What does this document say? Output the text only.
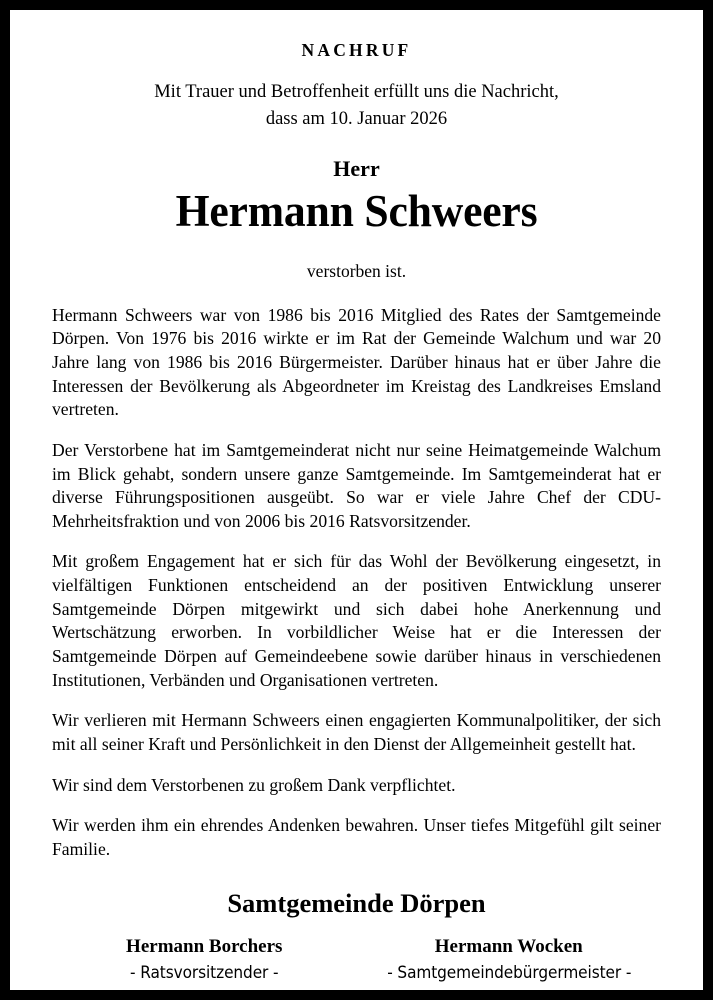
NACHRUF
Mit Trauer und Betroffenheit erfüllt uns die Nachricht,
dass am 10. Januar 2026
Herr
Hermann Schweers
verstorben ist.

Hermann Schweers war von 1986 bis 2016 Mitglied des Rates der Samtgemeinde Dörpen. Von 1976 bis 2016 wirkte er im Rat der Gemeinde Walchum und war 20 Jahre lang von 1986 bis 2016 Bürgermeister. Darüber hinaus hat er über Jahre die Interessen der Bevölkerung als Abgeordneter im Kreistag des Landkreises Emsland vertreten.

Der Verstorbene hat im Samtgemeinderat nicht nur seine Heimatgemeinde Walchum im Blick gehabt, sondern unsere ganze Samtgemeinde. Im Samtgemeinderat hat er diverse Führungspositionen ausgeübt. So war er viele Jahre Chef der CDU-Mehrheitsfraktion und von 2006 bis 2016 Ratsvorsitzender.

Mit großem Engagement hat er sich für das Wohl der Bevölkerung eingesetzt, in vielfältigen Funktionen entscheidend an der positiven Entwicklung unserer Samtgemeinde Dörpen mitgewirkt und sich dabei hohe Anerkennung und Wertschätzung erworben. In vorbildlicher Weise hat er die Interessen der Samtgemeinde Dörpen auf Gemeindeebene sowie darüber hinaus in verschiedenen Institutionen, Verbänden und Organisationen vertreten.

Wir verlieren mit Hermann Schweers einen engagierten Kommunalpolitiker, der sich mit all seiner Kraft und Persönlichkeit in den Dienst der Allgemeinheit gestellt hat.

Wir sind dem Verstorbenen zu großem Dank verpflichtet.

Wir werden ihm ein ehrendes Andenken bewahren. Unser tiefes Mitgefühl gilt seiner Familie.

Samtgemeinde Dörpen
Hermann Borchers
- Ratsvorsitzender -
Hermann Wocken
- Samtgemeindebürgermeister -
